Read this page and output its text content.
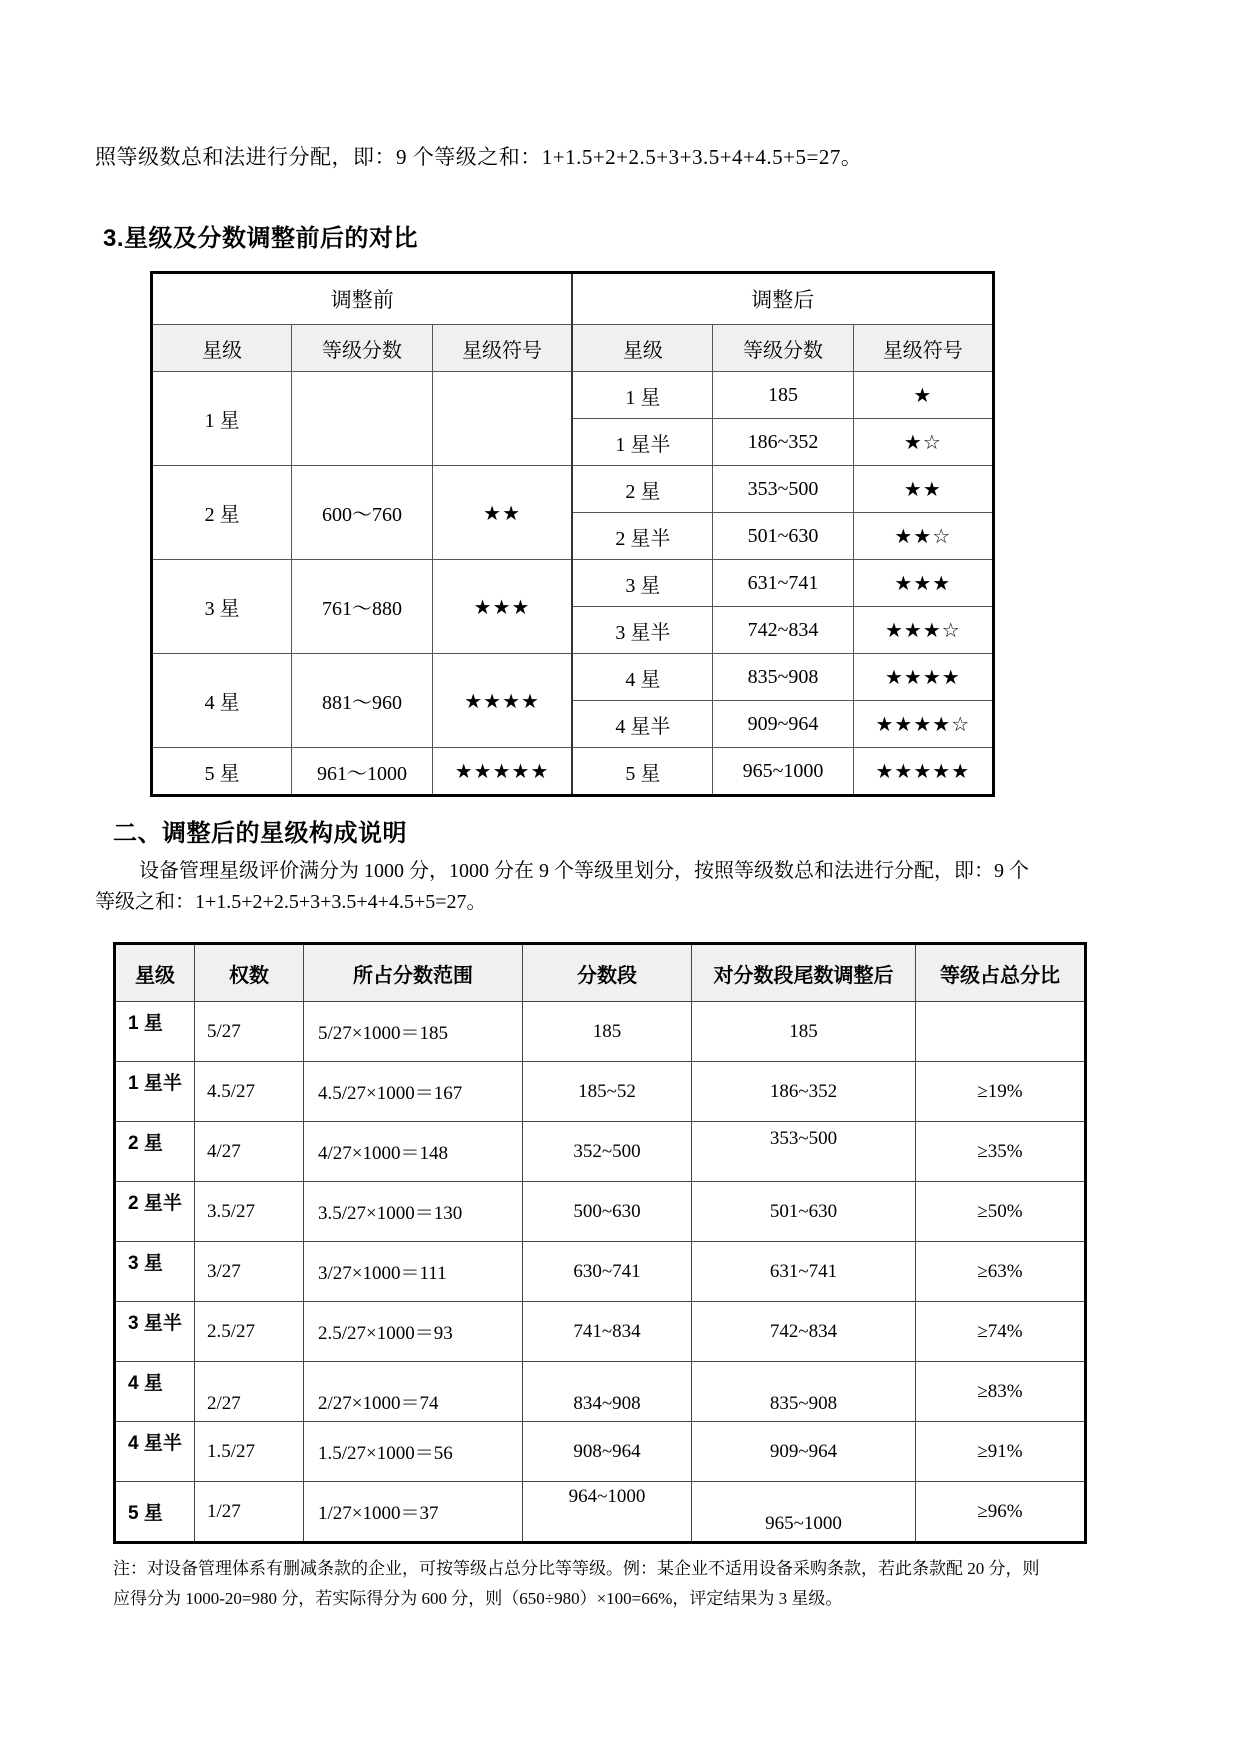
照等级数总和法进行分配，即：9 个等级之和：1+1.5+2+2.5+3+3.5+4+4.5+5=27。

3.星级及分数调整前后的对比
调整前			调整后		
星级	等级分数	星级符号	星级	等级分数	星级符号
1 星			1 星	185	★
			1 星半	186~352	★☆
2 星	600～760	★★	2 星	353~500	★★
			2 星半	501~630	★★☆
3 星	761～880	★★★	3 星	631~741	★★★
			3 星半	742~834	★★★☆
4 星	881～960	★★★★	4 星	835~908	★★★★
			4 星半	909~964	★★★★☆
5 星	961～1000	★★★★★	5 星	965~1000	★★★★★
二、调整后的星级构成说明

设备管理星级评价满分为 1000 分，1000 分在 9 个等级里划分，按照等级数总和法进行分配，即：9 个
等级之和：1+1.5+2+2.5+3+3.5+4+4.5+5=27。

星级	权数	所占分数范围	分数段	对分数段尾数调整后	等级占总分比
1 星	5/27	5/27×1000＝185	185	185	
1 星半	4.5/27	4.5/27×1000＝167	185~52	186~352	≥19%
2 星	4/27	4/27×1000＝148	352~500	353~500	≥35%
2 星半	3.5/27	3.5/27×1000＝130	500~630	501~630	≥50%
3 星	3/27	3/27×1000＝111	630~741	631~741	≥63%
3 星半	2.5/27	2.5/27×1000＝93	741~834	742~834	≥74%
4 星	2/27	2/27×1000＝74	834~908	835~908	≥83%
4 星半	1.5/27	1.5/27×1000＝56	908~964	909~964	≥91%
5 星	1/27	1/27×1000＝37	964~1000	965~1000	≥96%

注：对设备管理体系有删减条款的企业，可按等级占总分比等等级。例：某企业不适用设备采购条款，若此条款配 20 分，则
应得分为 1000-20=980 分，若实际得分为 600 分，则（650÷980）×100=66%，评定结果为 3 星级。
